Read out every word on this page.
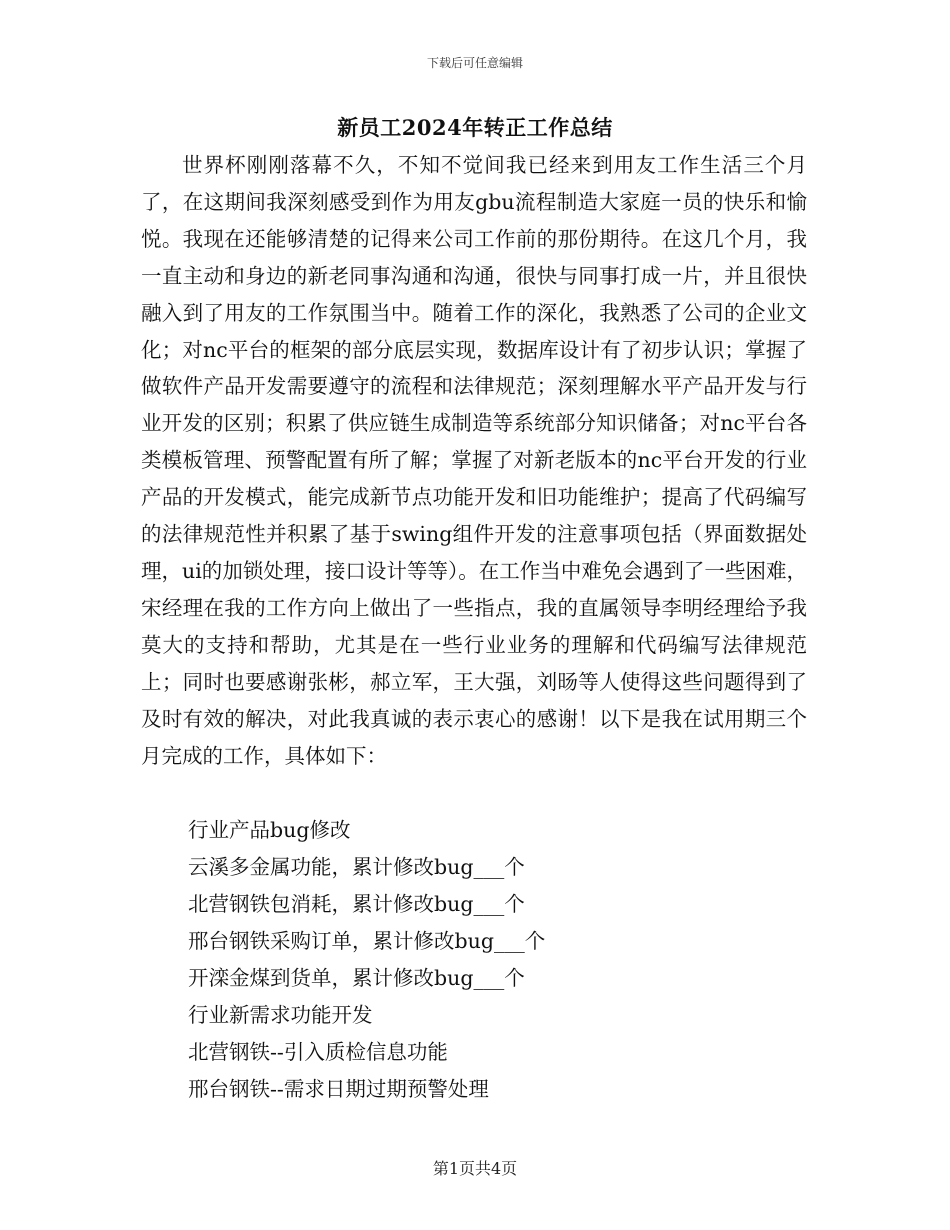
下载后可任意编辑
新员工2024年转正工作总结

世界杯刚刚落幕不久，不知不觉间我已经来到用友工作生活三个月了，在这期间我深刻感受到作为用友gbu流程制造大家庭一员的快乐和愉悦。我现在还能够清楚的记得来公司工作前的那份期待。在这几个月，我一直主动和身边的新老同事沟通和沟通，很快与同事打成一片，并且很快融入到了用友的工作氛围当中。随着工作的深化，我熟悉了公司的企业文化；对nc平台的框架的部分底层实现，数据库设计有了初步认识；掌握了做软件产品开发需要遵守的流程和法律规范；深刻理解水平产品开发与行业开发的区别；积累了供应链生成制造等系统部分知识储备；对nc平台各类模板管理、预警配置有所了解；掌握了对新老版本的nc平台开发的行业产品的开发模式，能完成新节点功能开发和旧功能维护；提高了代码编写的法律规范性并积累了基于swing组件开发的注意事项包括（界面数据处理，ui的加锁处理，接口设计等等）。在工作当中难免会遇到了一些困难，宋经理在我的工作方向上做出了一些指点，我的直属领导李明经理给予我莫大的支持和帮助，尤其是在一些行业业务的理解和代码编写法律规范上；同时也要感谢张彬，郝立军，王大强，刘旸等人使得这些问题得到了及时有效的解决，对此我真诚的表示衷心的感谢！以下是我在试用期三个月完成的工作，具体如下：

行业产品bug修改
云溪多金属功能，累计修改bug___个
北营钢铁包消耗，累计修改bug___个
邢台钢铁采购订单，累计修改bug___个
开滦金煤到货单，累计修改bug___个
行业新需求功能开发
北营钢铁--引入质检信息功能
邢台钢铁--需求日期过期预警处理
第1页共4页
